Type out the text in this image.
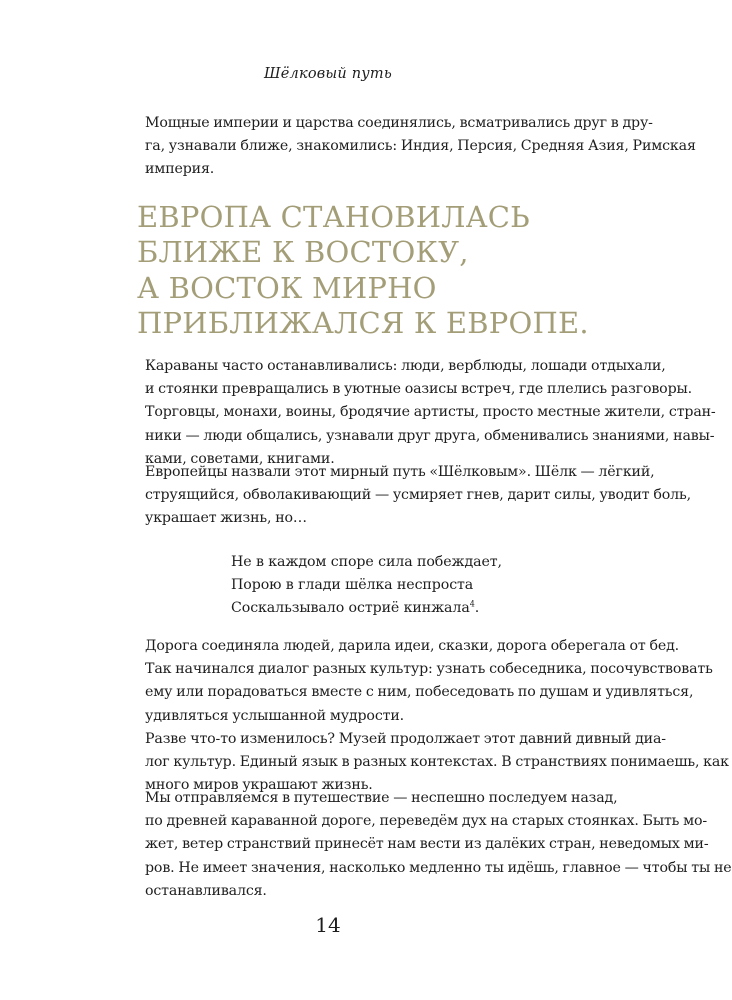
Шёлковый путь

Мощные империи и царства соединялись, всматривались друг в дру-
га, узнавали ближе, знакомились: Индия, Персия, Средняя Азия, Римская
империя.

ЕВРОПА СТАНОВИЛАСЬ
БЛИЖЕ К ВОСТОКУ,
А ВОСТОК МИРНО
ПРИБЛИЖАЛСЯ К ЕВРОПЕ.

Караваны часто останавливались: люди, верблюды, лошади отдыхали,
и стоянки превращались в уютные оазисы встреч, где плелись разговоры.
Торговцы, монахи, воины, бродячие артисты, просто местные жители, стран-
ники — люди общались, узнавали друг друга, обменивались знаниями, навы-
ками, советами, книгами.

Европейцы назвали этот мирный путь «Шёлковым». Шёлк — лёгкий,
струящийся, обволакивающий — усмиряет гнев, дарит силы, уводит боль,
украшает жизнь, но…

Не в каждом споре сила побеждает,
Порою в глади шёлка неспроста
Соскальзывало остриё кинжала$^4$.

Дорога соединяла людей, дарила идеи, сказки, дорога оберегала от бед.
Так начинался диалог разных культур: узнать собеседника, посочувствовать
ему или порадоваться вместе с ним, побеседовать по душам и удивляться,
удивляться услышанной мудрости.

Разве что-то изменилось? Музей продолжает этот давний дивный диа-
лог культур. Единый язык в разных контекстах. В странствиях понимаешь, как
много миров украшают жизнь.

Мы отправляемся в путешествие — неспешно последуем назад,
по древней караванной дороге, переведём дух на старых стоянках. Быть мо-
жет, ветер странствий принесёт нам вести из далёких стран, неведомых ми-
ров. Не имеет значения, насколько медленно ты идёшь, главное — чтобы ты не
останавливался.

14
